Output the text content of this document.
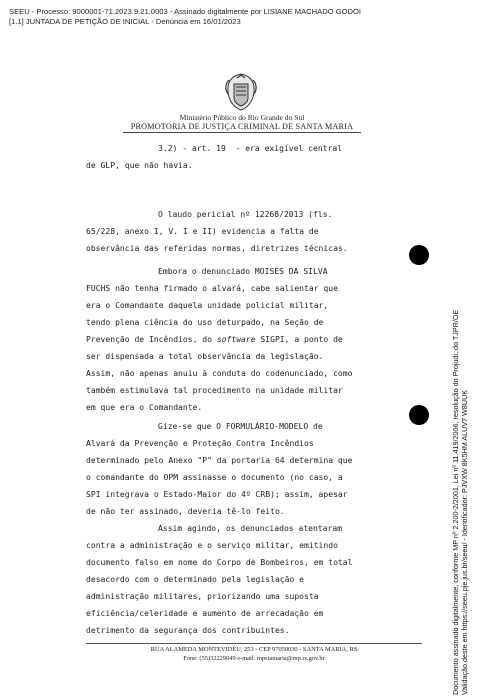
SEEU - Processo: 9000001-71.2023.9.21.0003 - Assinado digitalmente por LISIANE MACHADO GODOI
[1.1] JUNTADA DE PETIÇÃO DE INICIAL - Denúncia em 16/01/2023
Ministério Público do Rio Grande do Sul
PROMOTORIA DE JUSTIÇA CRIMINAL DE SANTA MARIA
3.2) - art. 19  - era exigível central
de GLP, que não havia.
O laudo pericial nº 12268/2013 (fls.
65/228, anexo I, V. I e II) evidencia a falta de
observância das referidas normas, diretrizes técnicas.
Embora o denunciado MOISÉS DA SILVA
FUCHS não tenha firmado o alvará, cabe salientar que
era o Comandante daquela unidade policial militar,
tendo plena ciência do uso deturpado, na Seção de
Prevenção de Incêndios, do software SIGPI, a ponto de
ser dispensada a total observância da legislação.
Assim, não apenas anuiu à conduta do codenunciado, como
também estimulava tal procedimento na unidade militar
em que era o Comandante.
Gize-se que O FORMULÁRIO-MODELO de
Alvará da Prevenção e Proteção Contra Incêndios
determinado pelo Anexo "P" da portaria 64 determina que
o comandante do OPM assinasse o documento (no caso, a
SPI integrava o Estado-Maior do 4º CRB); assim, apesar
de não ter assinado, deveria tê-lo feito.
Assim agindo, os denunciados atentaram
contra a administração e o serviço militar, emitindo
documento falso em nome do Corpo de Bombeiros, em total
desacordo com o determinado pela legislação e
administração militares, priorizando uma suposta
eficiência/celeridade e aumento de arrecadação em
detrimento da segurança dos contribuintes.
RUA ALAMEDA MONTEVIDÉU, 253 - CEP 97050030 - SANTA MARIA, RS
Fone: (55)32229049 e-mail: mpstamaria@mp.rs.gov.br	Documento assinado digitalmente, conforme MP nº 2.200-2/2001, Lei nº 11.419/2006, resolução do Projudi, do TJPR/OE Validação deste em https://seeu.pje.jus.br/seeu/ - Identificador: PJVXW 8K5HM ALUV7 W8UUK
